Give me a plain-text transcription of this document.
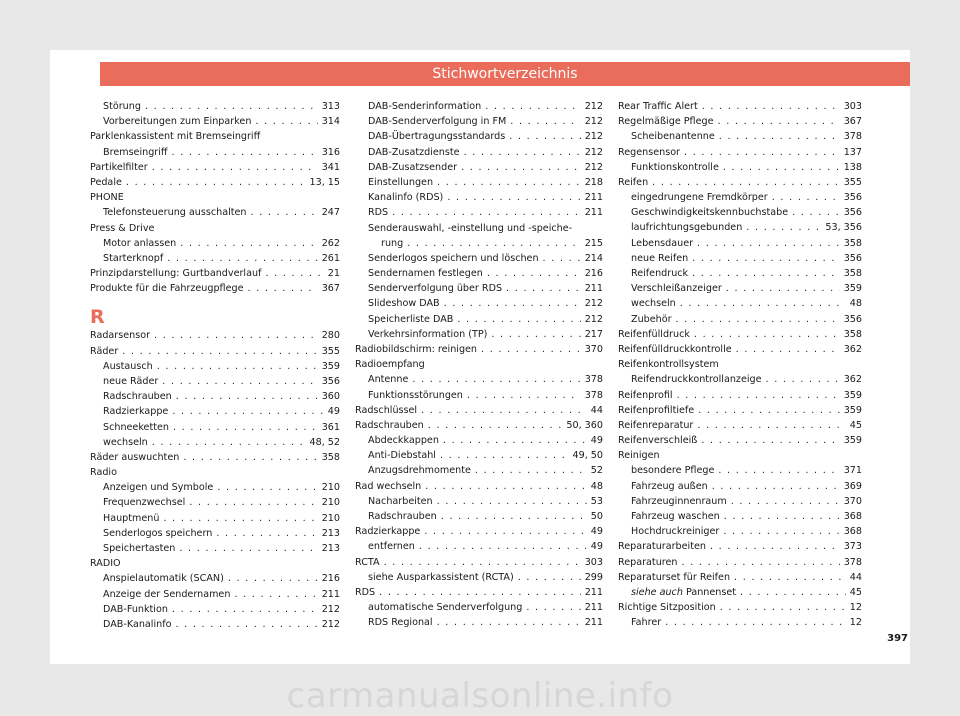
Stichwortverzeichnis
Störung . . .	313
Vorbereitungen zum Einparken . . .	314
Parklenkassistent mit Bremseingriff
Bremseingriff . . .	316
Partikelfilter . . .	341
Pedale . . .	13, 15
PHONE
Telefonsteuerung ausschalten . . .	247
Press & Drive
Motor anlassen . . .	262
Starterknopf . . .	261
Prinzipdarstellung: Gurtbandverlauf . . .	21
Produkte für die Fahrzeugpflege . . .	367
R
Radarsensor . . .	280
Räder . . .	355
Austausch . . .	359
neue Räder . . .	356
Radschrauben . . .	360
Radzierkappe . . .	49
Schneeketten . . .	361
wechseln . . .	48, 52
Räder auswuchten . . .	358
Radio
Anzeigen und Symbole . . .	210
Frequenzwechsel . . .	210
Hauptmenü . . .	210
Senderlogos speichern . . .	213
Speichertasten . . .	213
RADIO
Anspielautomatik (SCAN) . . .	216
Anzeige der Sendernamen . . .	211
DAB-Funktion . . .	212
DAB-Kanalinfo . . .	212
DAB-Senderinformation . . .	212
DAB-Senderverfolgung in FM . . .	212
DAB-Übertragungsstandards . . .	212
DAB-Zusatzdienste . . .	212
DAB-Zusatzsender . . .	212
Einstellungen . . .	218
Kanalinfo (RDS) . . .	211
RDS . . .	211
Senderauswahl, -einstellung und -speiche-
rung . . .	215
Senderlogos speichern und löschen . . .	214
Sendernamen festlegen . . .	216
Senderverfolgung über RDS . . .	211
Slideshow DAB . . .	212
Speicherliste DAB . . .	212
Verkehrsinformation (TP) . . .	217
Radiobildschirm: reinigen . . .	370
Radioempfang
Antenne . . .	378
Funktionsstörungen . . .	378
Radschlüssel . . .	44
Radschrauben . . .	50, 360
Abdeckkappen . . .	49
Anti-Diebstahl . . .	49, 50
Anzugsdrehmomente . . .	52
Rad wechseln . . .	48
Nacharbeiten . . .	53
Radschrauben . . .	50
Radzierkappe . . .	49
entfernen . . .	49
RCTA . . .	303
siehe Ausparkassistent (RCTA) . . .	299
RDS . . .	211
automatische Senderverfolgung . . .	211
RDS Regional . . .	211
Rear Traffic Alert . . .	303
Regelmäßige Pflege . . .	367
Scheibenantenne . . .	378
Regensensor . . .	137
Funktionskontrolle . . .	138
Reifen . . .	355
eingedrungene Fremdkörper . . .	356
Geschwindigkeitskennbuchstabe . . .	356
laufrichtungsgebunden . . .	53, 356
Lebensdauer . . .	358
neue Reifen . . .	356
Reifendruck . . .	358
Verschleißanzeiger . . .	359
wechseln . . .	48
Zubehör . . .	356
Reifenfülldruck . . .	358
Reifenfülldruckkontrolle . . .	362
Reifenkontrollsystem
Reifendruckkontrollanzeige . . .	362
Reifenprofil . . .	359
Reifenprofiltiefe . . .	359
Reifenreparatur . . .	45
Reifenverschleiß . . .	359
Reinigen
besondere Pflege . . .	371
Fahrzeug außen . . .	369
Fahrzeuginnenraum . . .	370
Fahrzeug waschen . . .	368
Hochdruckreiniger . . .	368
Reparaturarbeiten . . .	373
Reparaturen . . .	378
Reparaturset für Reifen . . .	44
siehe auch Pannenset . . .	45
Richtige Sitzposition . . .	12
Fahrer . . .	12
397
carmanualsonline.info
